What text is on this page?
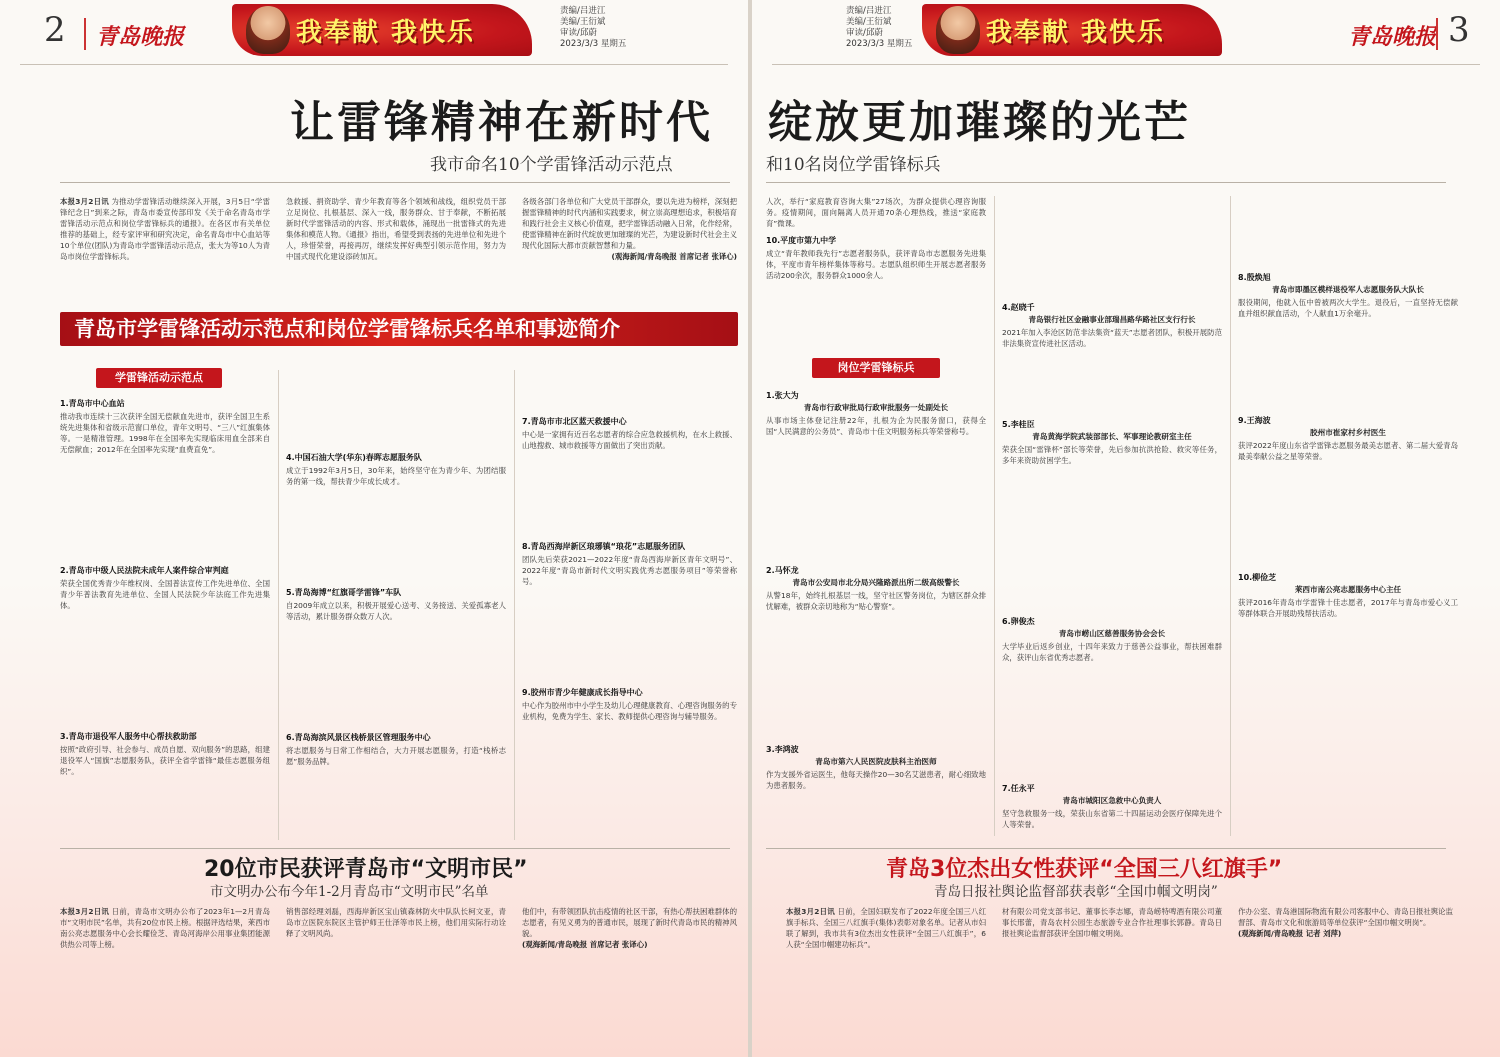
2 青岛晚报	我奉献 我快乐
责编/吕进江
美编/王衍斌
审读/邱蔚
2023/3/3 星期五
让雷锋精神在新时代
我市命名10个学雷锋活动示范点
本报3月2日讯 为推动学雷锋活动继续深入开展，3月5日“学雷锋纪念日”到来之际，青岛市委宣传部印发《关于命名青岛市学雷锋活动示范点和岗位学雷锋标兵的通报》。在各区市有关单位推荐的基础上，经专家评审和研究决定，命名青岛市中心血站等10个单位(团队)为青岛市学雷锋活动示范点，张大为等10人为青岛市岗位学雷锋标兵。
急救援、捐资助学、青少年教育等各个领域和战线，组织党员干部立足岗位、扎根基层、深入一线，服务群众、甘于奉献，不断拓展新时代学雷锋活动的内容、形式和载体，涌现出一批雷锋式的先进集体和模范人物。《通报》指出，希望受到表扬的先进单位和先进个人，珍惜荣誉，再接再厉，继续发挥好典型引领示范作用，努力为中国式现代化建设添砖加瓦。
各级各部门各单位和广大党员干部群众，要以先进为榜样，深刻把握雷锋精神的时代内涵和实践要求，树立崇高理想追求，积极培育和践行社会主义核心价值观，把学雷锋活动融入日常，化作经常，使雷锋精神在新时代绽放更加璀璨的光芒，为建设新时代社会主义现代化国际大都市贡献智慧和力量。

(观海新闻/青岛晚报 首席记者 张译心)
青岛市学雷锋活动示范点和岗位学雷锋标兵名单和事迹简介
学雷锋活动示范点
1.青岛市中心血站
推动我市连续十三次获评全国无偿献血先进市，获评全国卫生系统先进集体和省级示范窗口单位，青年文明号、“三八”红旗集体等。一是精准管理。1998年在全国率先实现临床用血全部来自无偿献血；2012年在全国率先实现“血费直免”。
2.青岛市中级人民法院未成年人案件综合审判庭
荣获全国优秀青少年维权岗、全国普法宣传工作先进单位、全国青少年普法教育先进单位、全国人民法院少年法庭工作先进集体。
3.青岛市退役军人服务中心帮扶救助部
按照“政府引导、社会参与、成员自愿、双向服务”的思路，组建退役军人“国旗”志愿服务队，获评全省学雷锋“最佳志愿服务组织”。
4.中国石油大学(华东)春晖志愿服务队
成立于1992年3月5日，30年来，始终坚守在为青少年、为团结服务的第一线，帮扶青少年成长成才。
5.青岛海博“红旗哥学雷锋”车队
自2009年成立以来，积极开展爱心送考、义务接送、关爱孤寡老人等活动，累计服务群众数万人次。
6.青岛海滨风景区栈桥景区管理服务中心
将志愿服务与日常工作相结合，大力开展志愿服务，打造“栈桥志愿”服务品牌。
7.青岛市市北区蓝天救援中心
中心是一家拥有近百名志愿者的综合应急救援机构，在水上救援、山地搜救、城市救援等方面做出了突出贡献。
8.青岛西海岸新区琅琊镇“琅花”志愿服务团队
团队先后荣获2021—2022年度“青岛西海岸新区青年文明号”、2022年度“青岛市新时代文明实践优秀志愿服务项目”等荣誉称号。
9.胶州市青少年健康成长指导中心
中心作为胶州市中小学生及幼儿心理健康教育、心理咨询服务的专业机构，免费为学生、家长、教师提供心理咨询与辅导服务。
20位市民获评青岛市“文明市民”
市文明办公布今年1-2月青岛市“文明市民”名单
本报3月2日讯 日前，青岛市文明办公布了2023年1—2月青岛市“文明市民”名单，共有20位市民上榜。根据评选结果，莱西市南公亮志愿服务中心会长耀俭芝、青岛河海岸公用事业集团能源供热公司等上榜。
销售部经理刘磊，西海岸新区宝山镇森林防火中队队长柯文亚，青岛市立医院东院区主管护师王仕泽等市民上榜，他们用实际行动诠释了文明风尚。
他们中，有带领团队抗击疫情的社区干部，有热心帮扶困难群体的志愿者，有见义勇为的普通市民，展现了新时代青岛市民的精神风貌。
(观海新闻/青岛晚报 首席记者 张译心)
责编/吕进江
美编/王衍斌
审读/邱蔚
2023/3/3 星期五	我奉献 我快乐	青岛晚报 3
绽放更加璀璨的光芒
和10名岗位学雷锋标兵
人次，举行“家庭教育咨询大集”27场次，为群众提供心理咨询服务。疫情期间，面向隔离人员开通70条心理热线，推送“家庭教育”微课。
10.平度市第九中学
成立“青年教师我先行”志愿者服务队，获评青岛市志愿服务先进集体，平度市青年榜样集体等称号。志愿队组织师生开展志愿者服务活动200余次，服务群众1000余人。
岗位学雷锋标兵
1.张大为
青岛市行政审批局行政审批服务一处副处长
从事市场主体登记注册22年，扎根为企为民服务窗口，获得全国“人民满意的公务员”、青岛市十佳文明服务标兵等荣誉称号。
2.马怀龙
青岛市公安局市北分局兴隆路派出所二级高级警长
从警18年，始终扎根基层一线，坚守社区警务岗位，为辖区群众排忧解难，被群众亲切地称为“贴心警察”。
3.李鸿波
青岛市第六人民医院皮肤科主治医师
作为支援外省运医生，他每天操作20—30名艾滋患者，耐心细致地为患者服务。
4.赵晓千
青岛银行社区金融事业部瑞昌路华路社区支行行长
2021年加入李沧区防范非法集资“蓝天”志愿者团队，积极开展防范非法集资宣传进社区活动。
5.李桂臣
青岛黄海学院武装部部长、军事理论教研室主任
荣获全国“雷锋杯”部长等荣誉，先后参加抗洪抢险、救灾等任务，多年来资助贫困学生。
6.卵俊杰
青岛市崂山区慈善服务协会会长
大学毕业后返乡创业，十四年来致力于慈善公益事业，帮扶困难群众，获评山东省优秀志愿者。
7.任永平
青岛市城阳区急救中心负责人
坚守急救服务一线，荣获山东省第二十四届运动会医疗保障先进个人等荣誉。
8.殷焕旭
青岛市即墨区模样退役军人志愿服务队大队长
服役期间，他就入伍中曾被两次大学生。退役后，一直坚持无偿献血并组织献血活动，个人献血1万余毫升。
9.王海波
胶州市崔家村乡村医生
获评2022年度山东省学雷锋志愿服务最美志愿者、第二届大爱青岛最美奉献公益之星等荣誉。
10.柳俭芝
莱西市南公亮志愿服务中心主任
获评2016年青岛市学雷锋十佳志愿者，2017年与青岛市爱心义工等群体联合开展助残帮扶活动。
青岛3位杰出女性获评“全国三八红旗手”
青岛日报社舆论监督部获表彰“全国巾帼文明岗”
本报3月2日讯 日前，全国妇联发布了2022年度全国三八红旗手标兵、全国三八红旗手(集体)表彰对象名单。记者从市妇联了解到，我市共有3位杰出女性获评“全国三八红旗手”，6人获“全国巾帼建功标兵”。
材有限公司党支部书记、董事长李志娜，青岛崂特啤酒有限公司董事长邢蕾，青岛农村公园生态旅游专业合作社理事长郭静。青岛日报社舆论监督部获评全国巾帼文明岗。
作办公室、青岛港国际物流有限公司客服中心、青岛日报社舆论监督部、青岛市文化和旅游局等单位获评“全国巾帼文明岗”。
(观海新闻/青岛晚报 记者 刘萍)
